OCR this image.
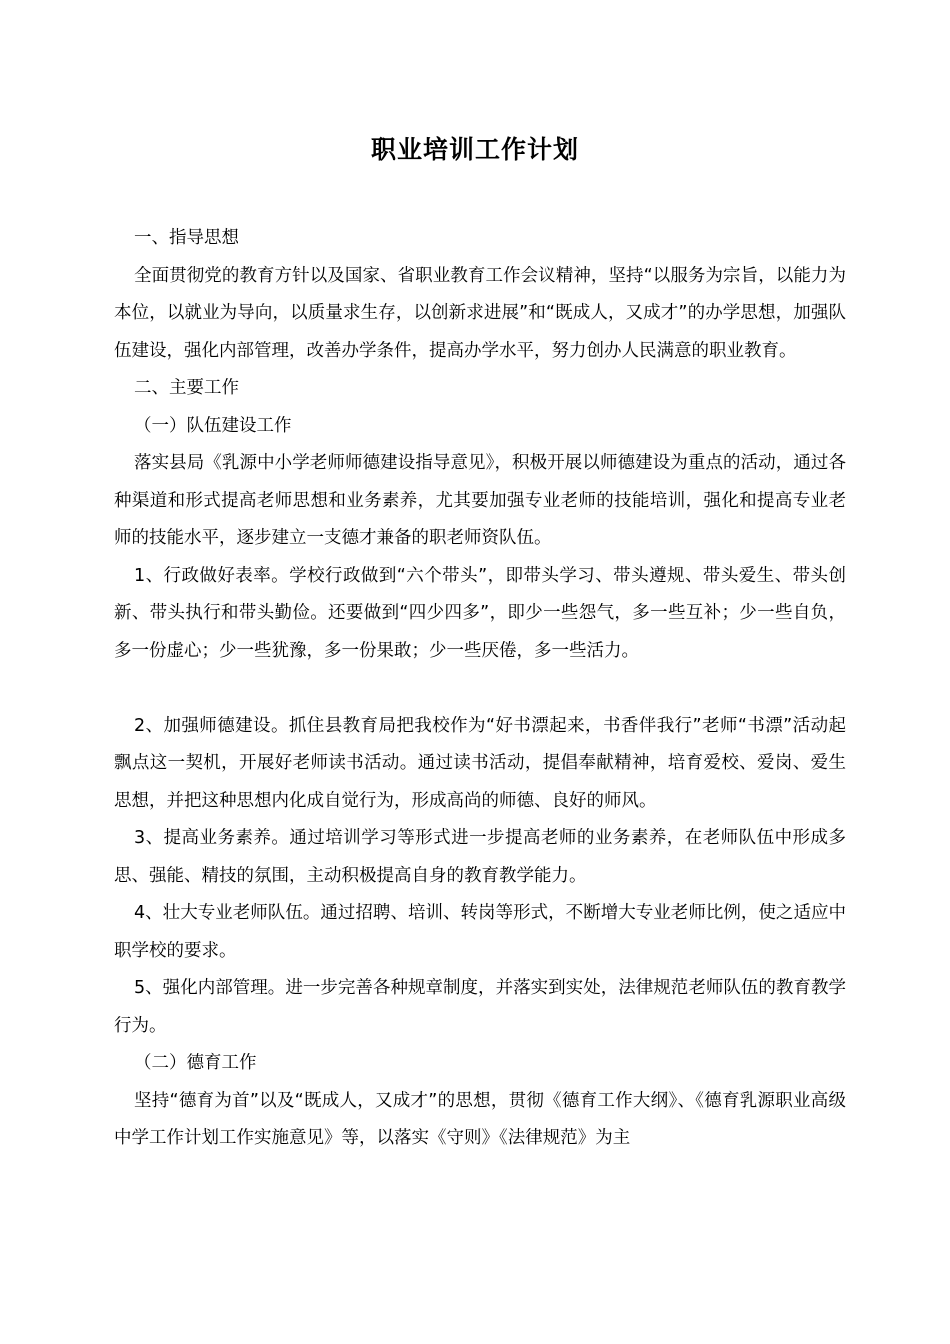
职业培训工作计划

一、指导思想

全面贯彻党的教育方针以及国家、省职业教育工作会议精神，坚持“以服务为宗旨，以能力为本位，以就业为导向，以质量求生存，以创新求进展”和“既成人，又成才”的办学思想，加强队伍建设，强化内部管理，改善办学条件，提高办学水平，努力创办人民满意的职业教育。

二、主要工作

（一）队伍建设工作

落实县局《乳源中小学老师师德建设指导意见》，积极开展以师德建设为重点的活动，通过各种渠道和形式提高老师思想和业务素养，尤其要加强专业老师的技能培训，强化和提高专业老师的技能水平，逐步建立一支德才兼备的职老师资队伍。

1、行政做好表率。学校行政做到“六个带头”，即带头学习、带头遵规、带头爱生、带头创新、带头执行和带头勤俭。还要做到“四少四多”，即少一些怨气，多一些互补；少一些自负，多一份虚心；少一些犹豫，多一份果敢；少一些厌倦，多一些活力。

2、加强师德建设。抓住县教育局把我校作为“好书漂起来，书香伴我行”老师“书漂”活动起飘点这一契机，开展好老师读书活动。通过读书活动，提倡奉献精神，培育爱校、爱岗、爱生思想，并把这种思想内化成自觉行为，形成高尚的师德、良好的师风。

3、提高业务素养。通过培训学习等形式进一步提高老师的业务素养，在老师队伍中形成多思、强能、精技的氛围，主动积极提高自身的教育教学能力。

4、壮大专业老师队伍。通过招聘、培训、转岗等形式，不断增大专业老师比例，使之适应中职学校的要求。

5、强化内部管理。进一步完善各种规章制度，并落实到实处，法律规范老师队伍的教育教学行为。

（二）德育工作

坚持“德育为首”以及“既成人，又成才”的思想，贯彻《德育工作大纲》、《德育乳源职业高级中学工作计划工作实施意见》等，以落实《守则》《法律规范》为主
